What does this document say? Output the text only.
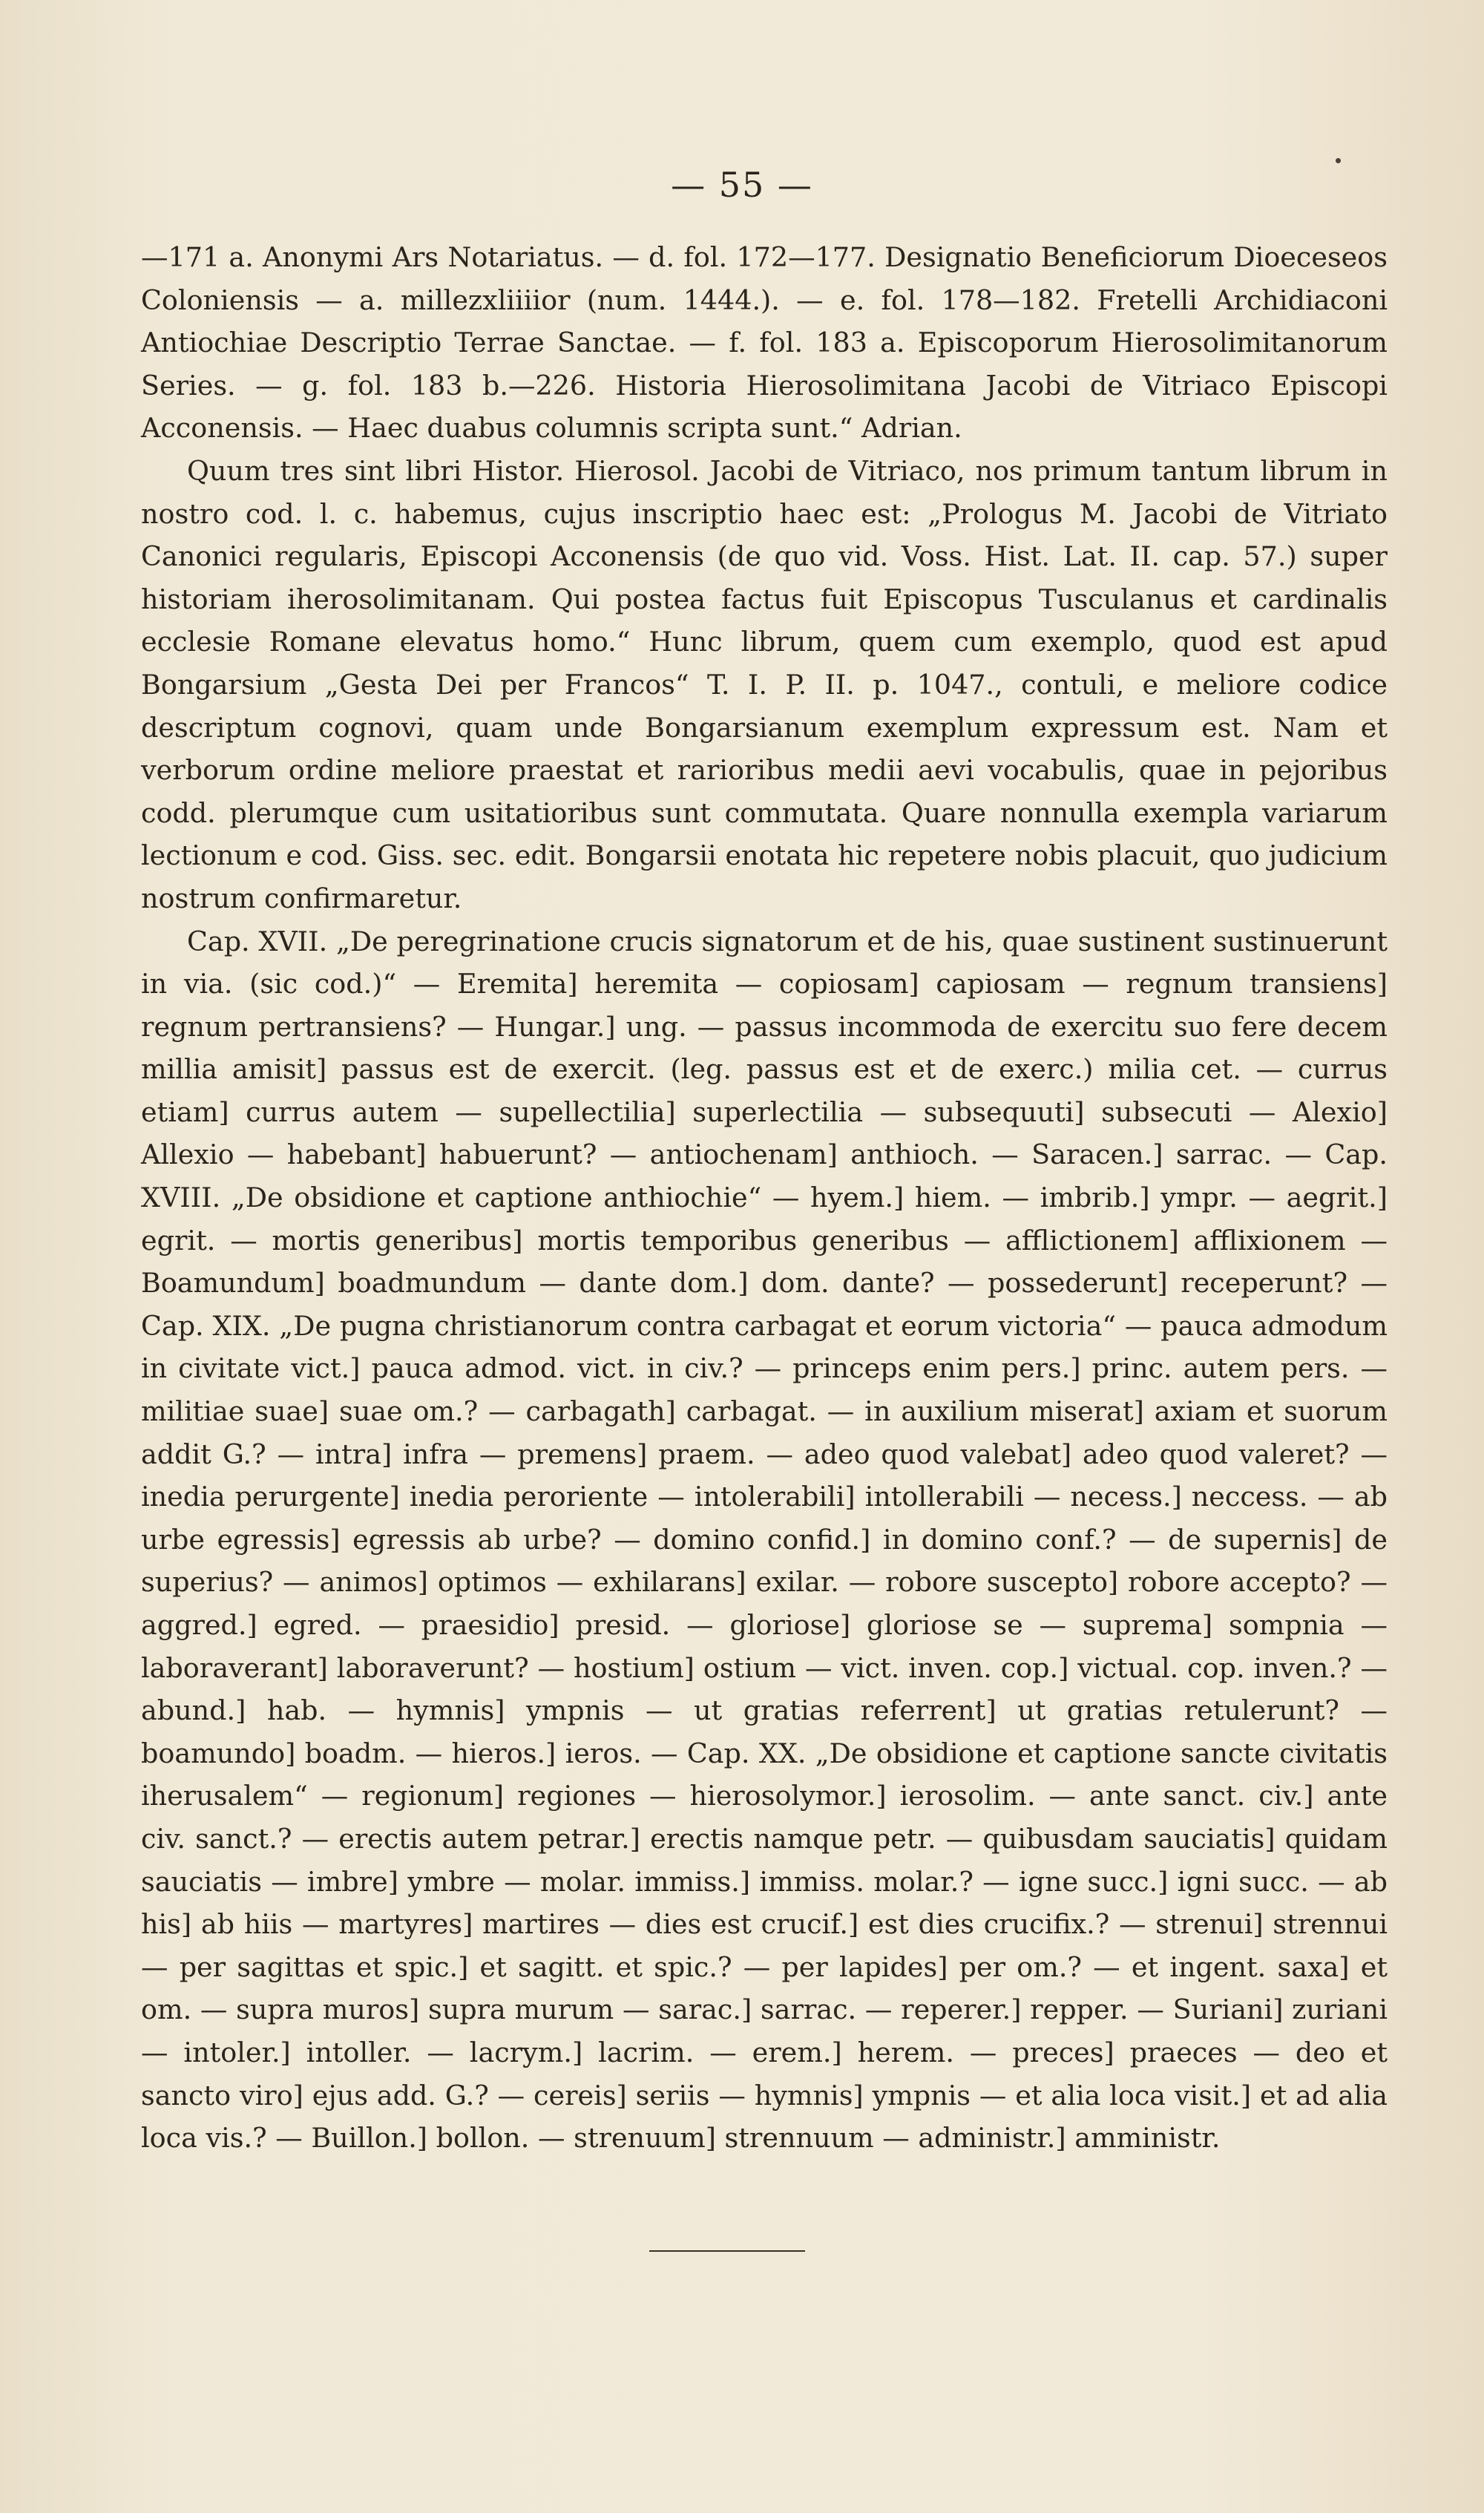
— 55 —

—171 a. Anonymi Ars Notariatus. — d. fol. 172—177. Designatio Beneficiorum Dioeceseos Coloniensis — a. millezxliiiior (num. 1444.). — e. fol. 178—182. Fretelli Archidiaconi Antiochiae Descriptio Terrae Sanctae. — f. fol. 183 a. Episcoporum Hierosolimitanorum Series. — g. fol. 183 b.—226. Historia Hierosolimitana Jacobi de Vitriaco Episcopi Acconensis. — Haec duabus columnis scripta sunt.“ Adrian.

Quum tres sint libri Histor. Hierosol. Jacobi de Vitriaco, nos primum tantum librum in nostro cod. l. c. habemus, cujus inscriptio haec est: „Prologus M. Jacobi de Vitriato Canonici regularis, Episcopi Acconensis (de quo vid. Voss. Hist. Lat. II. cap. 57.) super historiam iherosolimitanam. Qui postea factus fuit Episcopus Tusculanus et cardinalis ecclesie Romane elevatus homo.“ Hunc librum, quem cum exemplo, quod est apud Bongarsium „Gesta Dei per Francos“ T. I. P. II. p. 1047., contuli, e meliore codice descriptum cognovi, quam unde Bongarsianum exemplum expressum est. Nam et verborum ordine meliore praestat et rarioribus medii aevi vocabulis, quae in pejoribus codd. plerumque cum usitatioribus sunt commutata. Quare nonnulla exempla variarum lectionum e cod. Giss. sec. edit. Bongarsii enotata hic repetere nobis placuit, quo judicium nostrum confirmaretur.

Cap. XVII. „De peregrinatione crucis signatorum et de his, quae sustinent sustinuerunt in via. (sic cod.)“ — Eremita] heremita — copiosam] capiosam — regnum transiens] regnum pertransiens? — Hungar.] ung. — passus incommoda de exercitu suo fere decem millia amisit] passus est de exercit. (leg. passus est et de exerc.) milia cet. — currus etiam] currus autem — supellectilia] superlectilia — subsequuti] subsecuti — Alexio] Allexio — habebant] habuerunt? — antiochenam] anthioch. — Saracen.] sarrac. — Cap. XVIII. „De obsidione et captione anthiochie“ — hyem.] hiem. — imbrib.] ympr. — aegrit.] egrit. — mortis generibus] mortis temporibus generibus — afflictionem] afflixionem — Boamundum] boadmundum — dante dom.] dom. dante? — possederunt] receperunt? — Cap. XIX. „De pugna christianorum contra carbagat et eorum victoria“ — pauca admodum in civitate vict.] pauca admod. vict. in civ.? — princeps enim pers.] princ. autem pers. — militiae suae] suae om.? — carbagath] carbagat. — in auxilium miserat] axiam et suorum addit G.? — intra] infra — premens] praem. — adeo quod valebat] adeo quod valeret? — inedia perurgente] inedia peroriente — intolerabili] intollerabili — necess.] neccess. — ab urbe egressis] egressis ab urbe? — domino confid.] in domino conf.? — de supernis] de superius? — animos] optimos — exhilarans] exilar. — robore suscepto] robore accepto? — aggred.] egred. — praesidio] presid. — gloriose] gloriose se — suprema] sompnia — laboraverant] laboraverunt? — hostium] ostium — vict. inven. cop.] victual. cop. inven.? — abund.] hab. — hymnis] ympnis — ut gratias referrent] ut gratias retulerunt? — boamundo] boadm. — hieros.] ieros. — Cap. XX. „De obsidione et captione sancte civitatis iherusalem“ — regionum] regiones — hierosolymor.] ierosolim. — ante sanct. civ.] ante civ. sanct.? — erectis autem petrar.] erectis namque petr. — quibusdam sauciatis] quidam sauciatis — imbre] ymbre — molar. immiss.] immiss. molar.? — igne succ.] igni succ. — ab his] ab hiis — martyres] martires — dies est crucif.] est dies crucifix.? — strenui] strennui — per sagittas et spic.] et sagitt. et spic.? — per lapides] per om.? — et ingent. saxa] et om. — supra muros] supra murum — sarac.] sarrac. — reperer.] repper. — Suriani] zuriani — intoler.] intoller. — lacrym.] lacrim. — erem.] herem. — preces] praeces — deo et sancto viro] ejus add. G.? — cereis] seriis — hymnis] ympnis — et alia loca visit.] et ad alia loca vis.? — Buillon.] bollon. — strenuum] strennuum — administr.] amministr.
